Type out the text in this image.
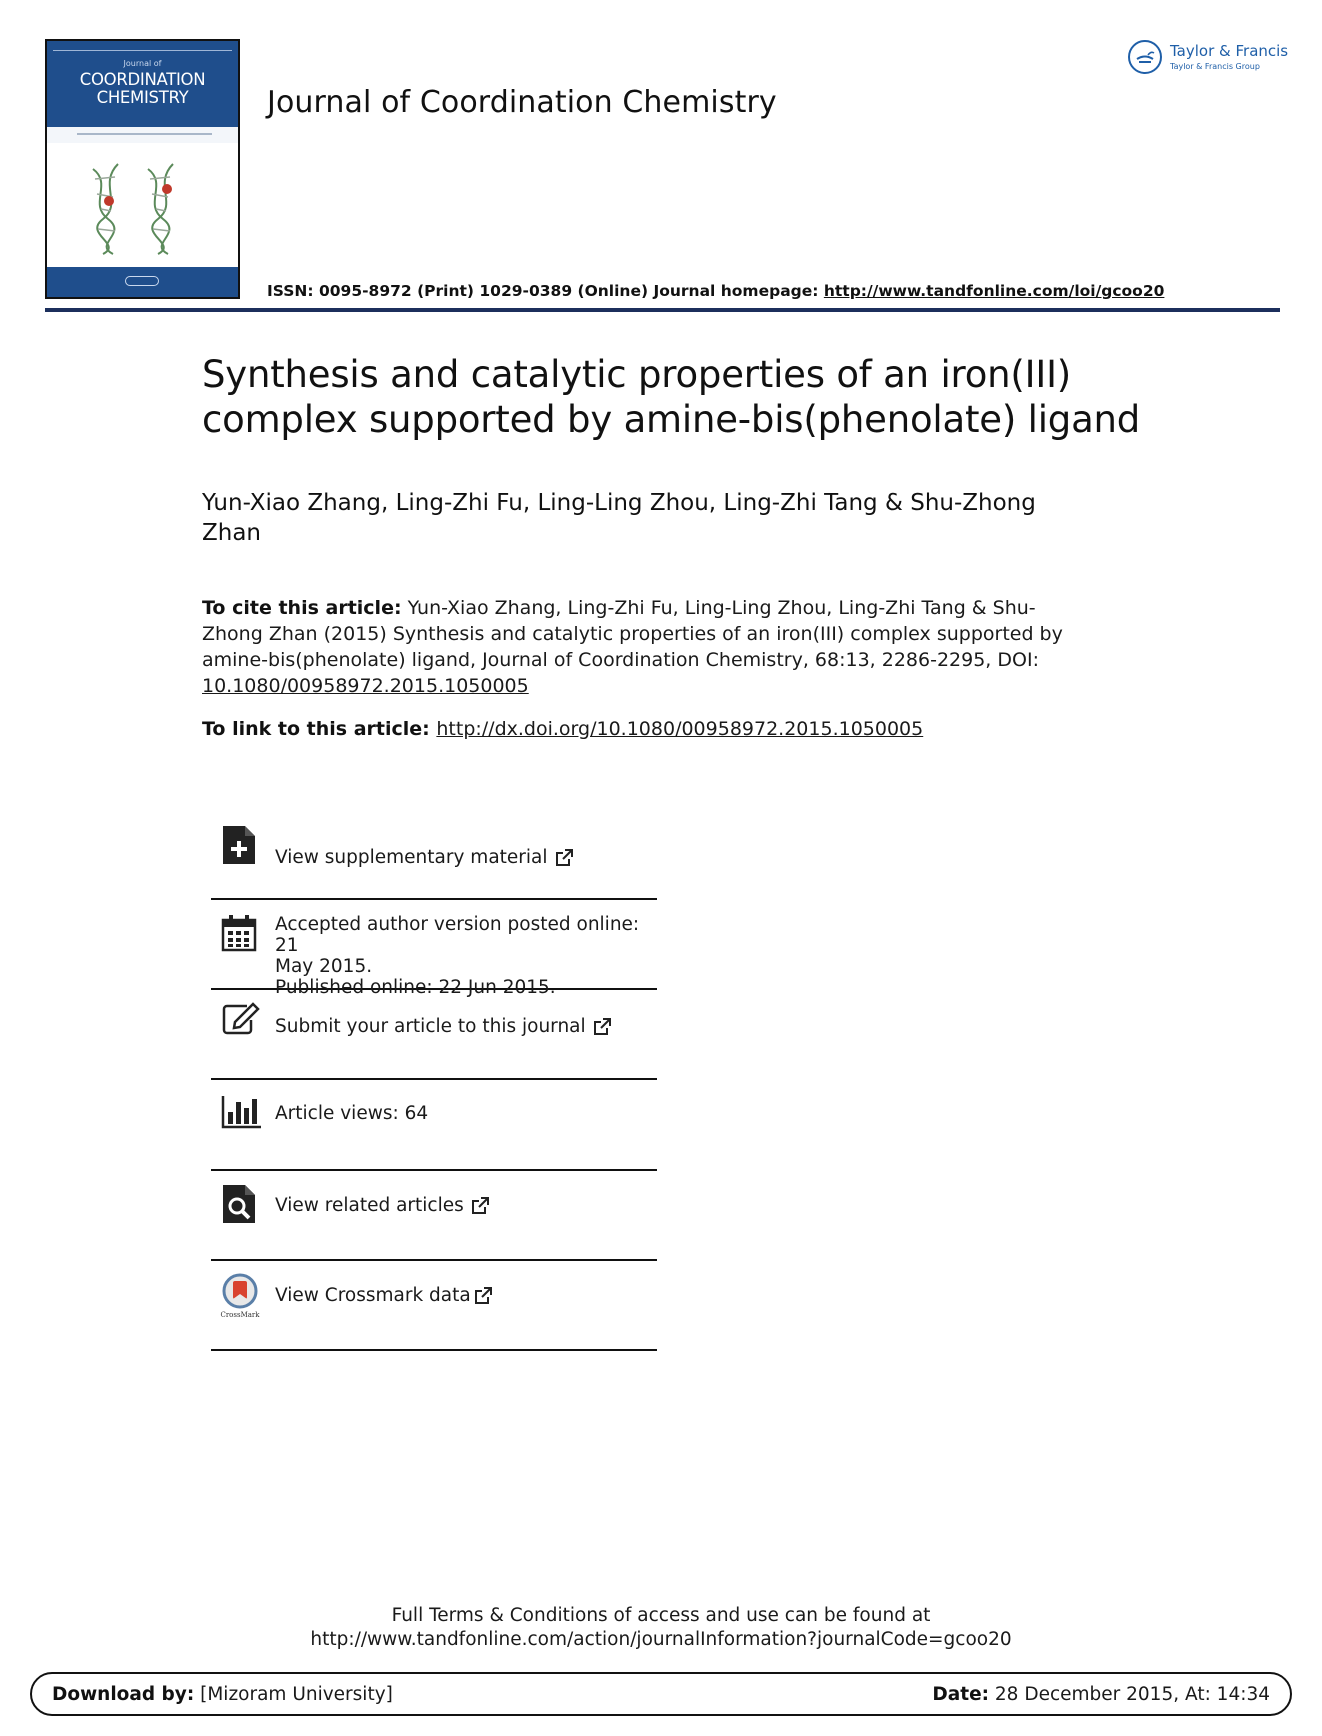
Journal of
COORDINATION
CHEMISTRY	Journal of Coordination Chemistry
Taylor & Francis
Taylor & Francis Group
ISSN: 0095-8972 (Print) 1029-0389 (Online) Journal homepage: http://www.tandfonline.com/loi/gcoo20
Synthesis and catalytic properties of an iron(III)
complex supported by amine-bis(phenolate) ligand
Yun-Xiao Zhang, Ling-Zhi Fu, Ling-Ling Zhou, Ling-Zhi Tang & Shu-Zhong
Zhan
To cite this article: Yun-Xiao Zhang, Ling-Zhi Fu, Ling-Ling Zhou, Ling-Zhi Tang & Shu-
Zhong Zhan (2015) Synthesis and catalytic properties of an iron(III) complex supported by
amine-bis(phenolate) ligand, Journal of Coordination Chemistry, 68:13, 2286-2295, DOI:
10.1080/00958972.2015.1050005
To link to this article: http://dx.doi.org/10.1080/00958972.2015.1050005
View supplementary material
Accepted author version posted online: 21
May 2015.
Published online: 22 Jun 2015.
Submit your article to this journal
Article views: 64
View related articles
CrossMark
View Crossmark data
Full Terms & Conditions of access and use can be found at
http://www.tandfonline.com/action/journalInformation?journalCode=gcoo20
Download by: [Mizoram University]	Date: 28 December 2015, At: 14:34
